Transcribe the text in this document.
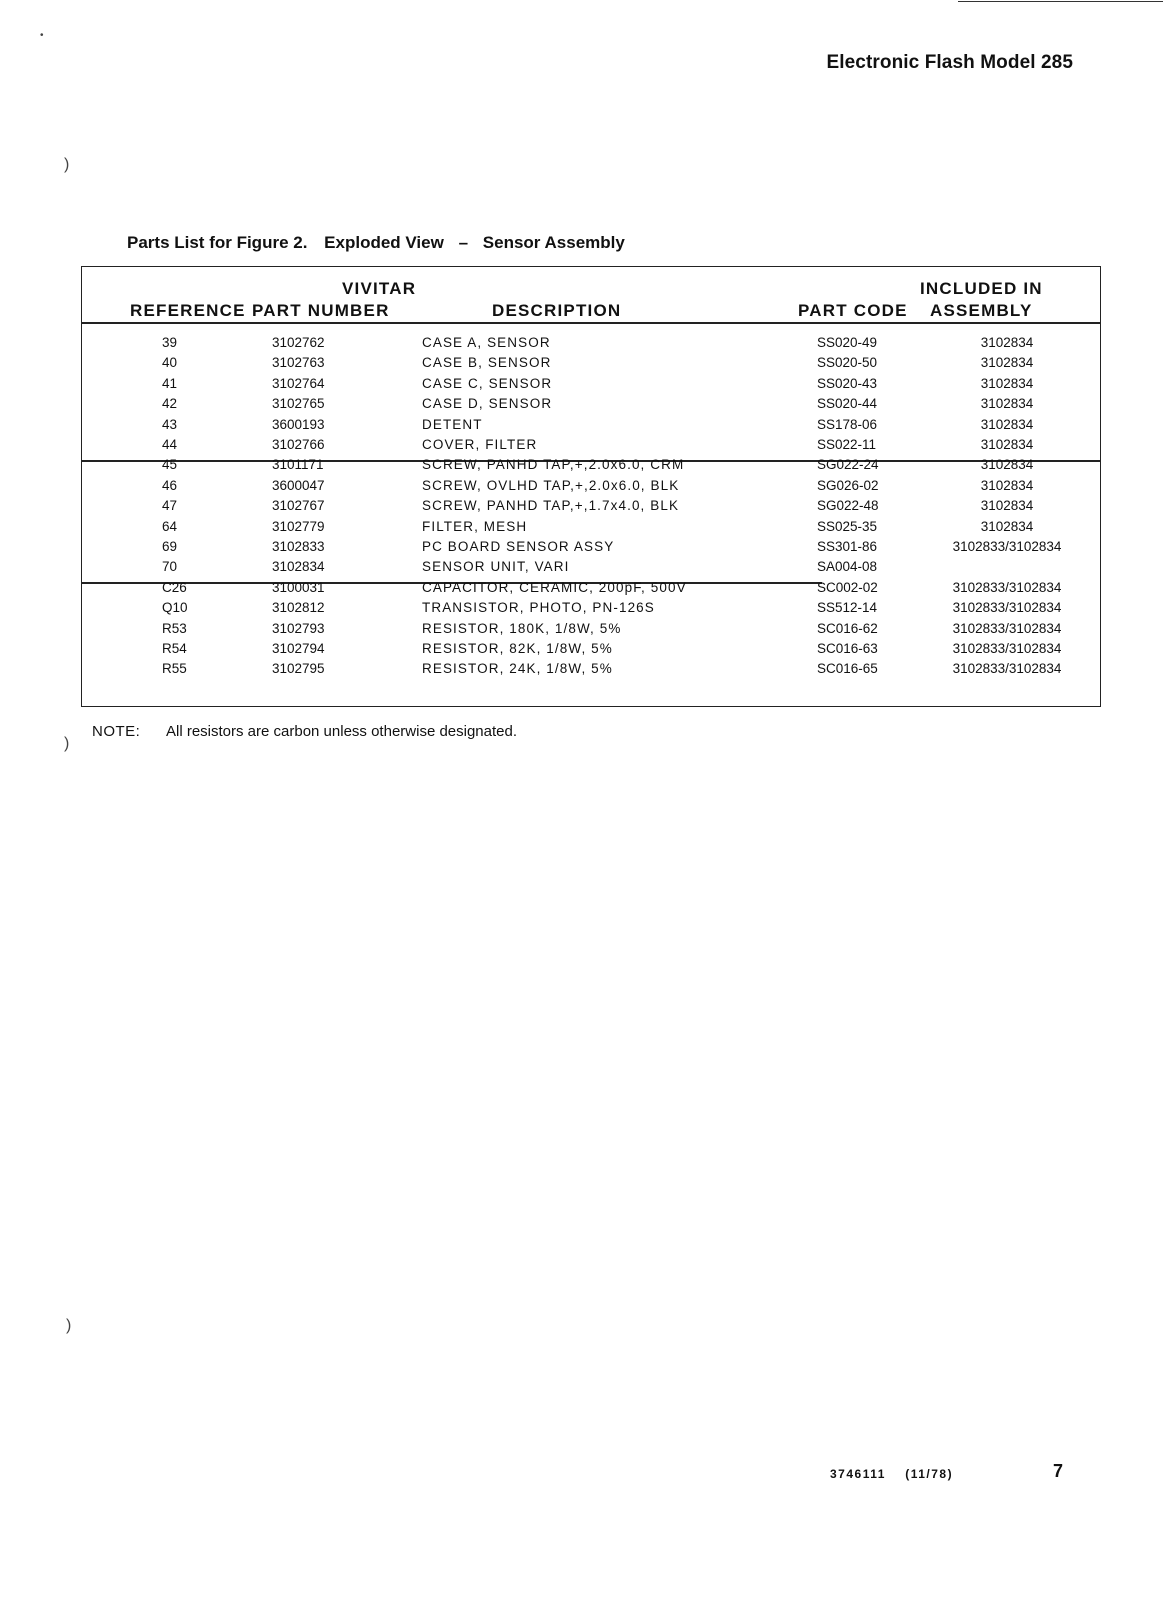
•
)
)
)
Electronic Flash Model 285
Parts List for Figure 2. Exploded View – Sensor Assembly
VIVITAR
REFERENCE PART NUMBER	DESCRIPTION	PART CODE
INCLUDED IN
ASSEMBLY
39	3102762	CASE A, SENSOR	SS020-49	3102834
40	3102763	CASE B, SENSOR	SS020-50	3102834
41	3102764	CASE C, SENSOR	SS020-43	3102834
42	3102765	CASE D, SENSOR	SS020-44	3102834
43	3600193	DETENT	SS178-06	3102834
44	3102766	COVER, FILTER	SS022-11	3102834
45	3101171	SCREW, PANHD TAP,+,2.0x6.0, CRM	SG022-24	3102834
46	3600047	SCREW, OVLHD TAP,+,2.0x6.0, BLK	SG026-02	3102834
47	3102767	SCREW, PANHD TAP,+,1.7x4.0, BLK	SG022-48	3102834
64	3102779	FILTER, MESH	SS025-35	3102834
69	3102833	PC BOARD SENSOR ASSY	SS301-86	3102833/3102834
70	3102834	SENSOR UNIT, VARI	SA004-08
C26	3100031	CAPACITOR, CERAMIC, 200pF, 500V	SC002-02	3102833/3102834
Q10	3102812	TRANSISTOR, PHOTO, PN-126S	SS512-14	3102833/3102834
R53	3102793	RESISTOR, 180K, 1/8W, 5%	SC016-62	3102833/3102834
R54	3102794	RESISTOR, 82K, 1/8W, 5%	SC016-63	3102833/3102834
R55	3102795	RESISTOR, 24K, 1/8W, 5%	SC016-65	3102833/3102834
NOTE: All resistors are carbon unless otherwise designated.
3746111    (11/78)	7
